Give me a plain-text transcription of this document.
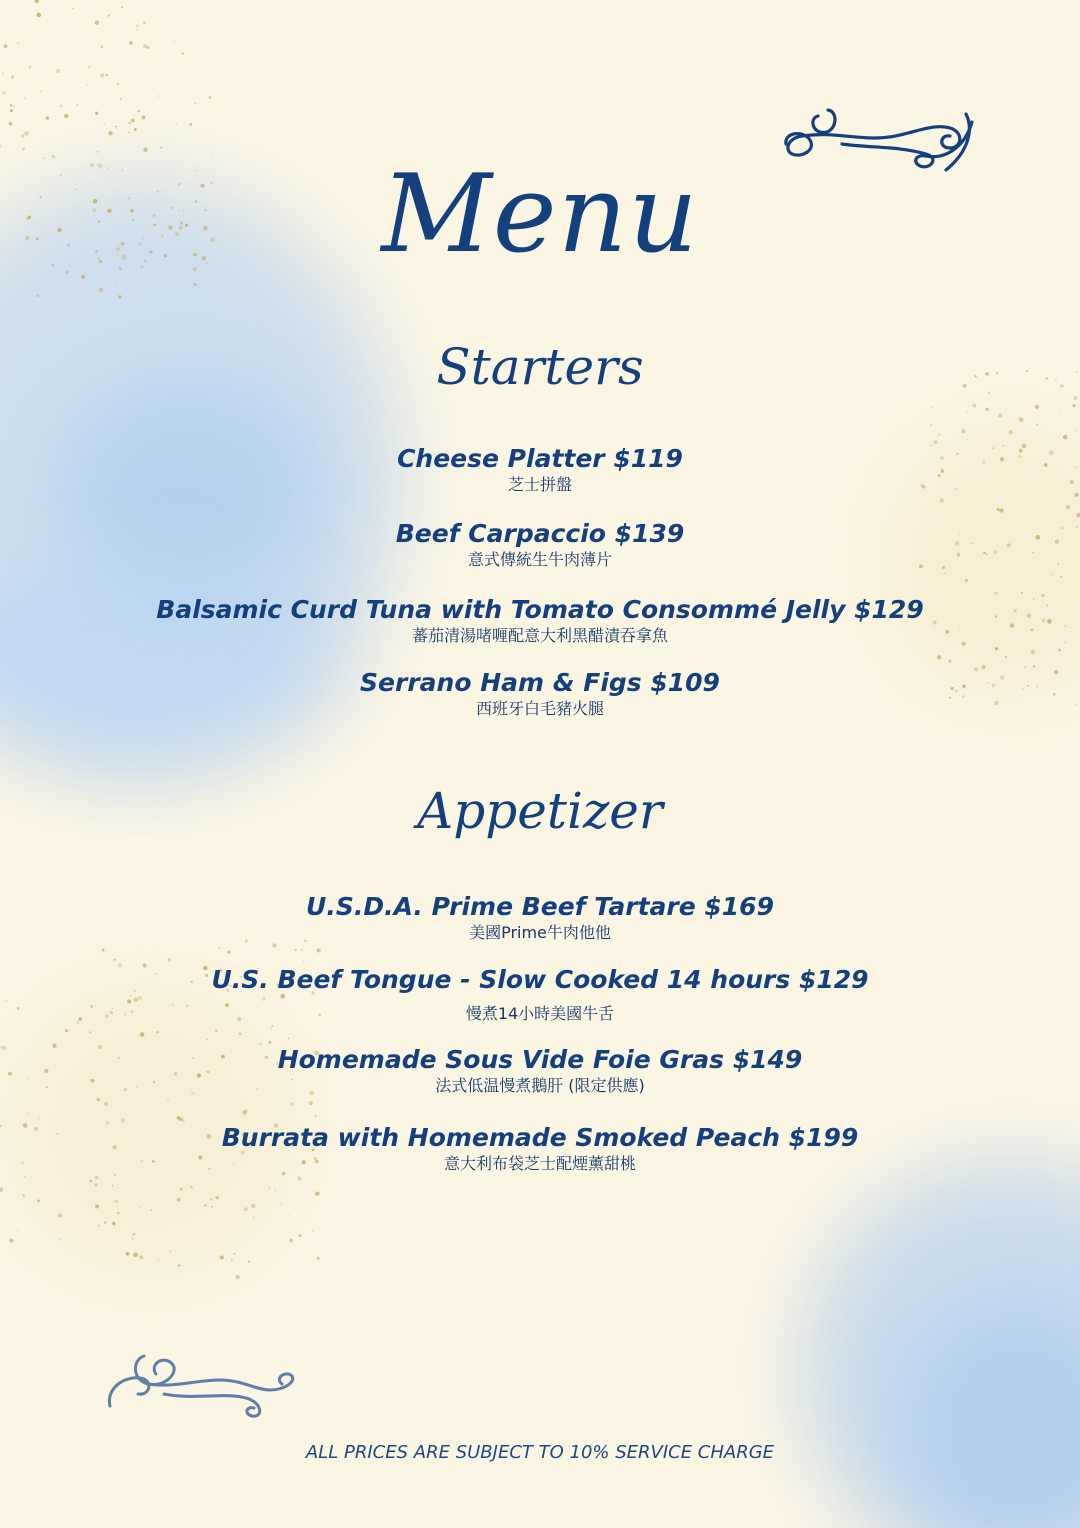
Menu
Starters
Cheese Platter $119
芝士拼盤
Beef Carpaccio $139
意式傳統生牛肉薄片
Balsamic Curd Tuna with Tomato Consommé Jelly $129
蕃茄清湯啫喱配意大利黑醋漬吞拿魚
Serrano Ham & Figs $109
西班牙白毛豬火腿
Appetizer
U.S.D.A. Prime Beef Tartare $169
美國Prime牛肉他他
U.S. Beef Tongue - Slow Cooked 14 hours $129
慢煮14小時美國牛舌
Homemade Sous Vide Foie Gras $149
法式低温慢煮鵝肝 (限定供應)
Burrata with Homemade Smoked Peach $199
意大利布袋芝士配煙薰甜桃
ALL PRICES ARE SUBJECT TO 10% SERVICE CHARGE
